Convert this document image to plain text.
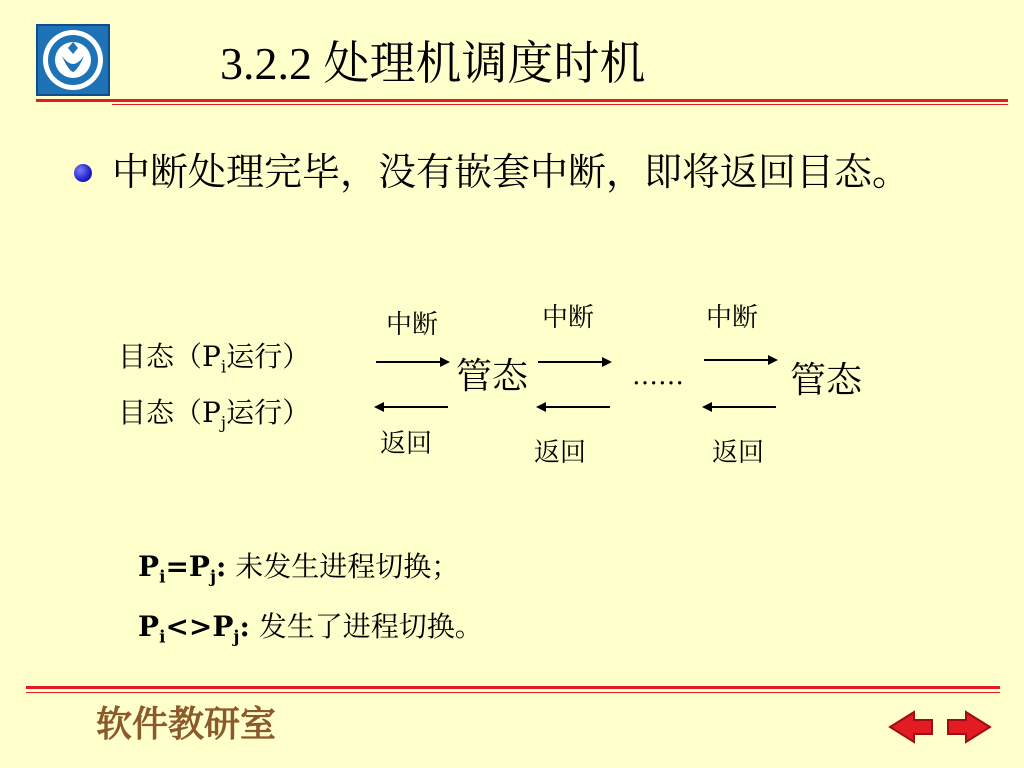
3.2.2 处理机调度时机
中断处理完毕，没有嵌套中断，即将返回目态。
目态（$P_i$运行）
目态（$P_j$运行）
中断	中断	中断
管态	管态
……
返回	返回	返回
$P_i=P_j$: 未发生进程切换；
$P_i<>P_j$: 发生了进程切换。
软件教研室
